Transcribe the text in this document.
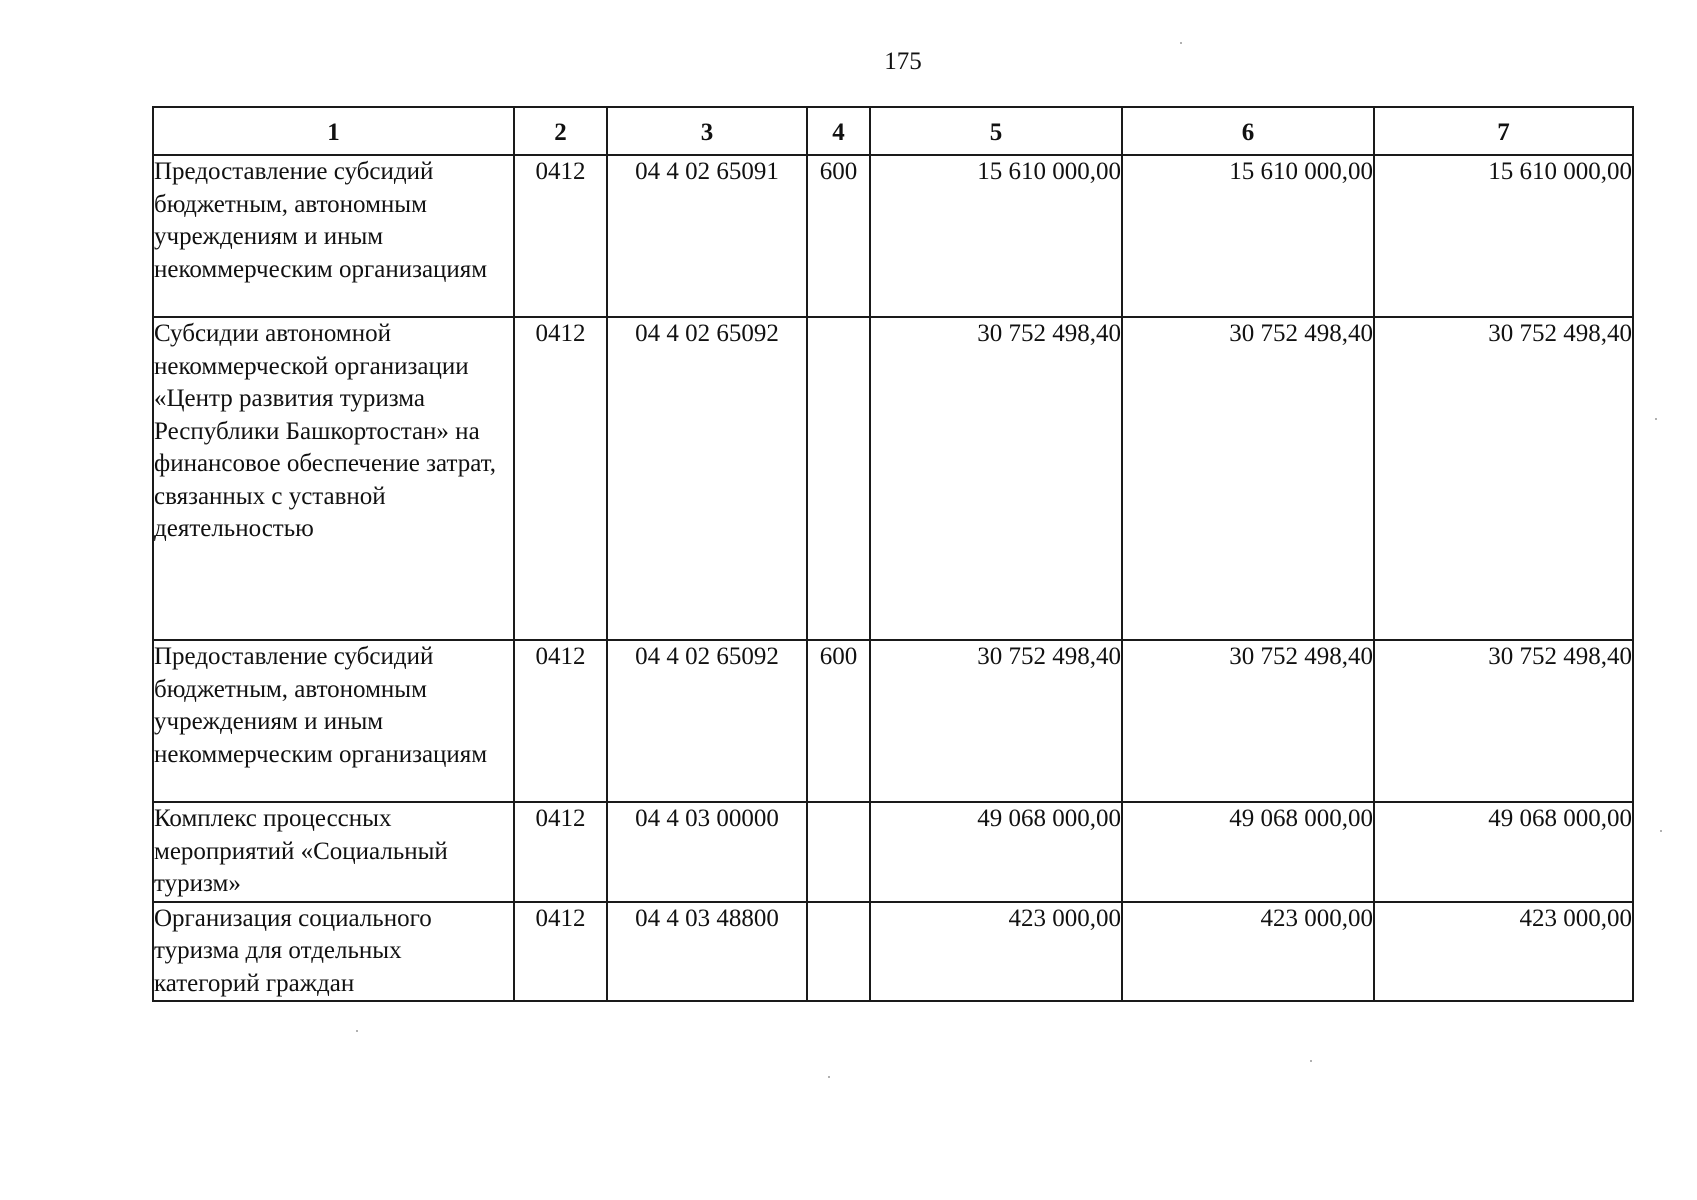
175
1	2	3	4	5	6	7
Предоставление субсидий бюджетным, автономным учреждениям и иным некоммерческим организациям	0412	04 4 02 65091	600	15 610 000,00	15 610 000,00	15 610 000,00
Субсидии автономной некоммерческой организации «Центр развития туризма Республики Башкортостан» на финансовое обеспечение затрат, связанных с уставной деятельностью	0412	04 4 02 65092		30 752 498,40	30 752 498,40	30 752 498,40
Предоставление субсидий бюджетным, автономным учреждениям и иным некоммерческим организациям	0412	04 4 02 65092	600	30 752 498,40	30 752 498,40	30 752 498,40
Комплекс процессных мероприятий «Социальный туризм»	0412	04 4 03 00000		49 068 000,00	49 068 000,00	49 068 000,00
Организация социального туризма для отдельных категорий граждан	0412	04 4 03 48800		423 000,00	423 000,00	423 000,00
